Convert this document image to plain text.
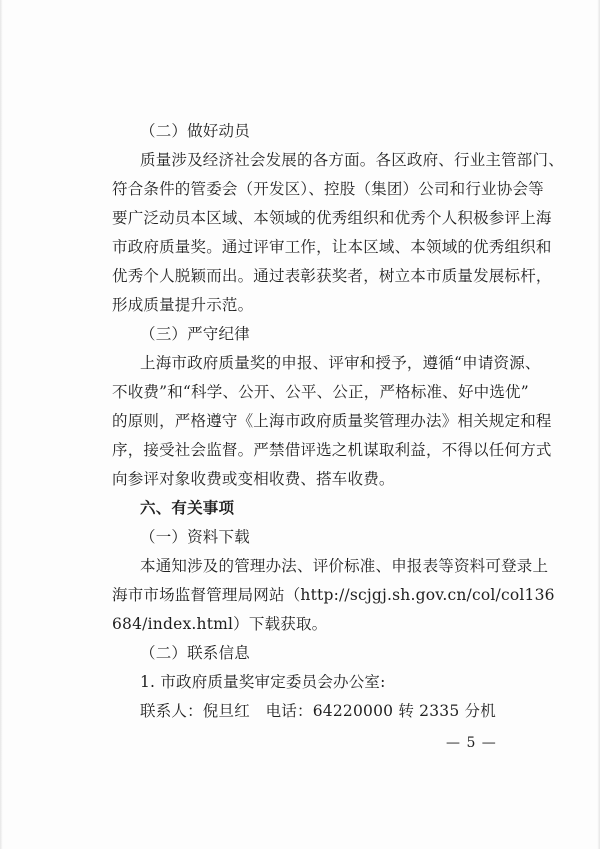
（二）做好动员
质量涉及经济社会发展的各方面。各区政府、行业主管部门、
符合条件的管委会（开发区）、控股（集团）公司和行业协会等
要广泛动员本区域、本领域的优秀组织和优秀个人积极参评上海
市政府质量奖。通过评审工作，让本区域、本领域的优秀组织和
优秀个人脱颖而出。通过表彰获奖者，树立本市质量发展标杆，
形成质量提升示范。
（三）严守纪律
上海市政府质量奖的申报、评审和授予，遵循“申请资源、
不收费”和“科学、公开、公平、公正，严格标准、好中选优”
的原则，严格遵守《上海市政府质量奖管理办法》相关规定和程
序，接受社会监督。严禁借评选之机谋取利益，不得以任何方式
向参评对象收费或变相收费、搭车收费。
六、有关事项
（一）资料下载
本通知涉及的管理办法、评价标准、申报表等资料可登录上
海市市场监督管理局网站（http://scjgj.sh.gov.cn/col/col136
684/index.html）下载获取。
（二）联系信息
1. 市政府质量奖审定委员会办公室:
联系人：倪旦红　电话：64220000 转 2335 分机
— 5 —
